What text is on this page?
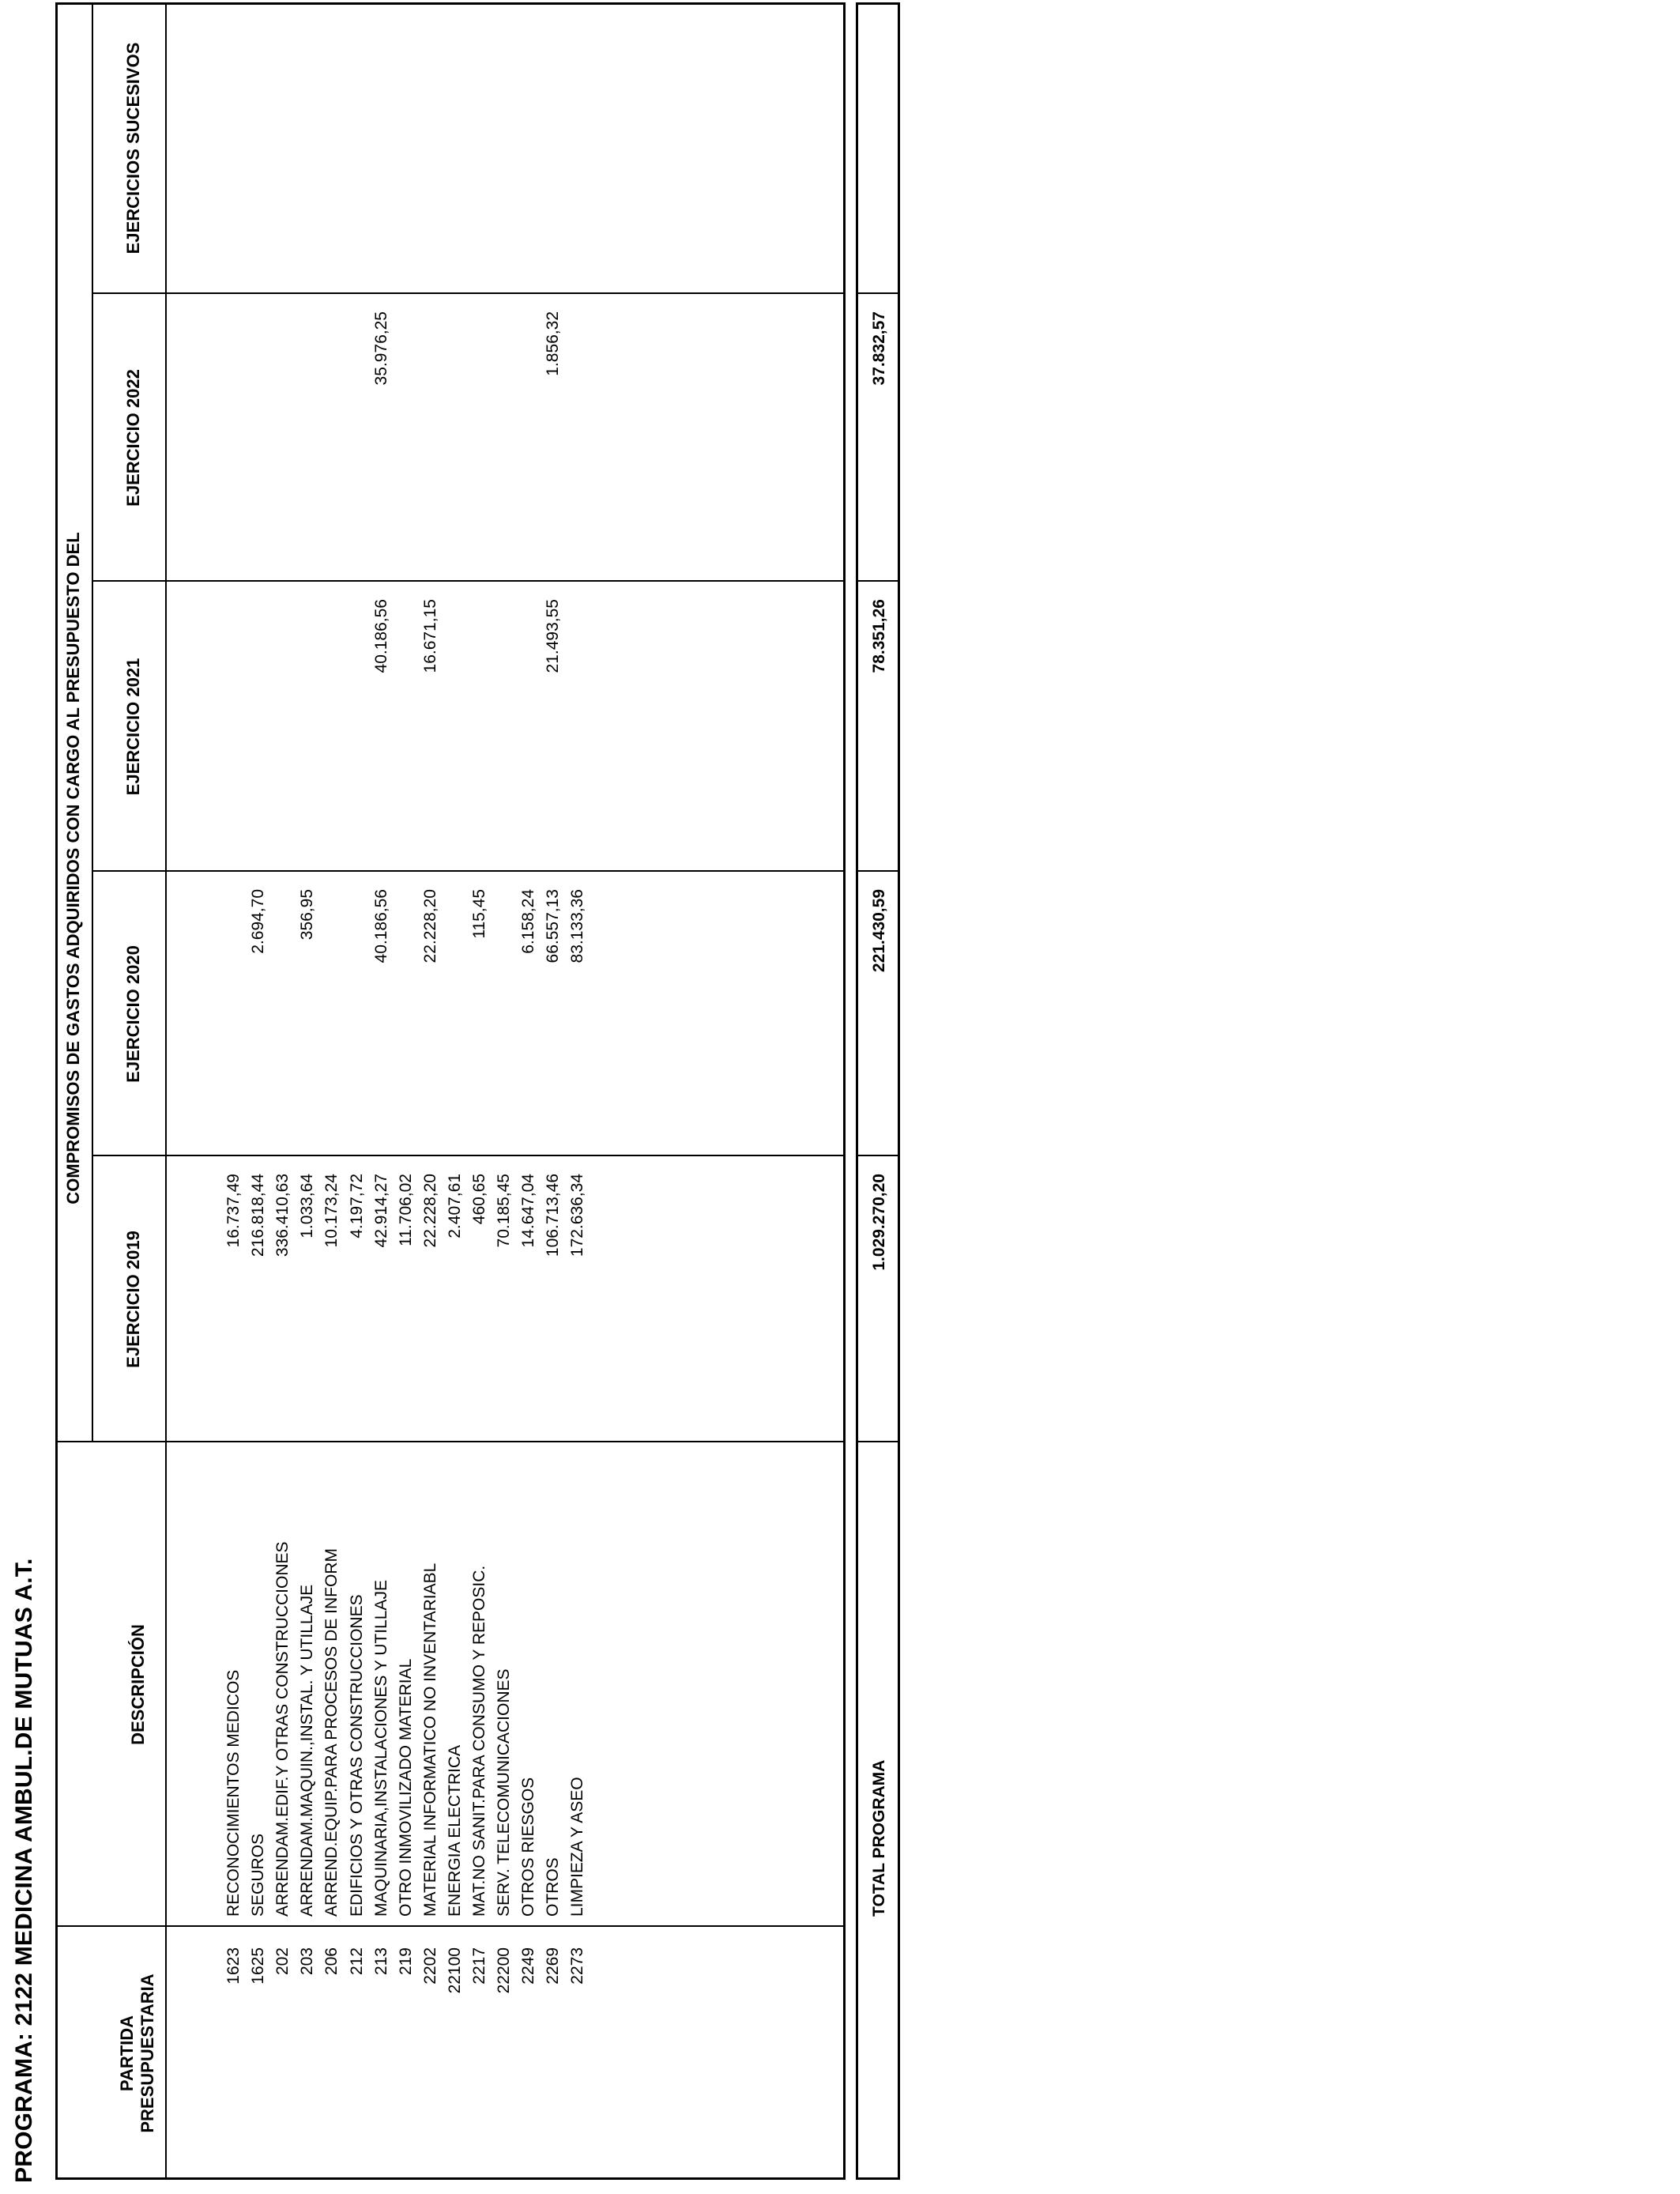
PROGRAMA: 2122 MEDICINA AMBUL.DE MUTUAS A.T.	PARTIDA PRESUPUESTARIA
DESCRIPCIÓN
COMPROMISOS DE GASTOS ADQUIRIDOS CON CARGO AL PRESUPUESTO DEL
EJERCICIO 2019
EJERCICIO 2020
EJERCICIO 2021
EJERCICIO 2022
EJERCICIOS SUCESIVOS
1623
RECONOCIMIENTOS MEDICOS
16.737,49
1625
SEGUROS
216.818,44
2.694,70
202
ARRENDAM.EDIF.Y OTRAS CONSTRUCCIONES
336.410,63
203
ARRENDAM.MAQUIN.,INSTAL. Y UTILLAJE
1.033,64
356,95
206
ARREND.EQUIP.PARA PROCESOS DE INFORM
10.173,24
212
EDIFICIOS Y OTRAS CONSTRUCCIONES
4.197,72
213
MAQUINARIA,INSTALACIONES Y UTILLAJE
42.914,27
40.186,56
40.186,56
35.976,25
219
OTRO INMOVILIZADO MATERIAL
11.706,02
2202
MATERIAL INFORMATICO NO INVENTARIABL
22.228,20
22.228,20
16.671,15
22100
ENERGIA ELECTRICA
2.407,61
2217
MAT.NO SANIT.PARA CONSUMO Y REPOSIC.
460,65
115,45
22200
SERV. TELECOMUNICACIONES
70.185,45
2249
OTROS RIESGOS
14.647,04
6.158,24
2269
OTROS
106.713,46
66.557,13
21.493,55
1.856,32
2273
LIMPIEZA Y ASEO
172.636,34
83.133,36
TOTAL PROGRAMA
1.029.270,20
221.430,59
78.351,26
37.832,57
